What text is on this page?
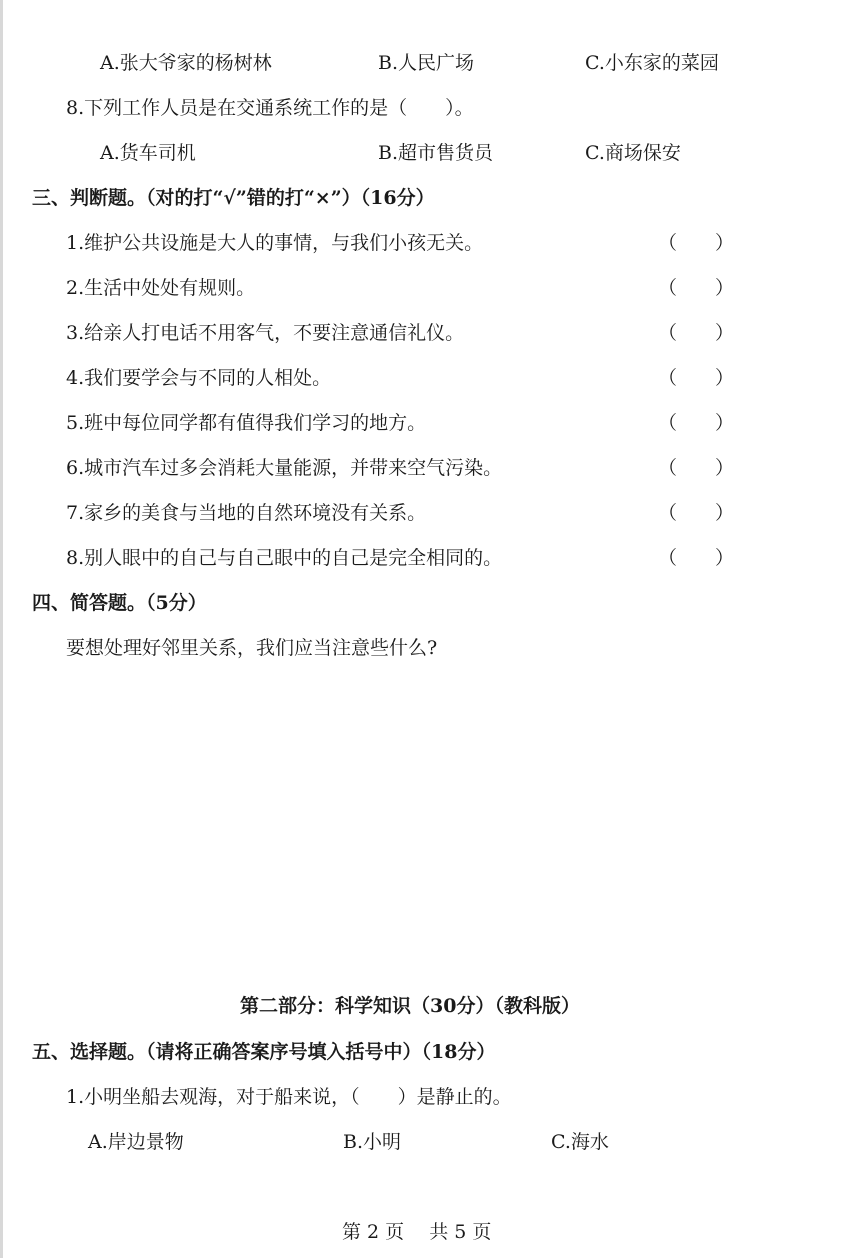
A.张大爷家的杨树林	B.人民广场	C.小东家的菜园
8.下列工作人员是在交通系统工作的是（　　）。
A.货车司机	B.超市售货员	C.商场保安
三、判断题。（对的打“√”错的打“×”）（16分）
1.维护公共设施是大人的事情，与我们小孩无关。	（　　）
2.生活中处处有规则。	（　　）
3.给亲人打电话不用客气，不要注意通信礼仪。	（　　）
4.我们要学会与不同的人相处。	（　　）
5.班中每位同学都有值得我们学习的地方。	（　　）
6.城市汽车过多会消耗大量能源，并带来空气污染。	（　　）
7.家乡的美食与当地的自然环境没有关系。	（　　）
8.别人眼中的自己与自己眼中的自己是完全相同的。	（　　）
四、简答题。（5分）
要想处理好邻里关系，我们应当注意些什么?
第二部分：科学知识（30分）（教科版）
五、选择题。（请将正确答案序号填入括号中）（18分）
1.小明坐船去观海，对于船来说，（　　）是静止的。
A.岸边景物	B.小明	C.海水
第 2 页　 共 5 页
